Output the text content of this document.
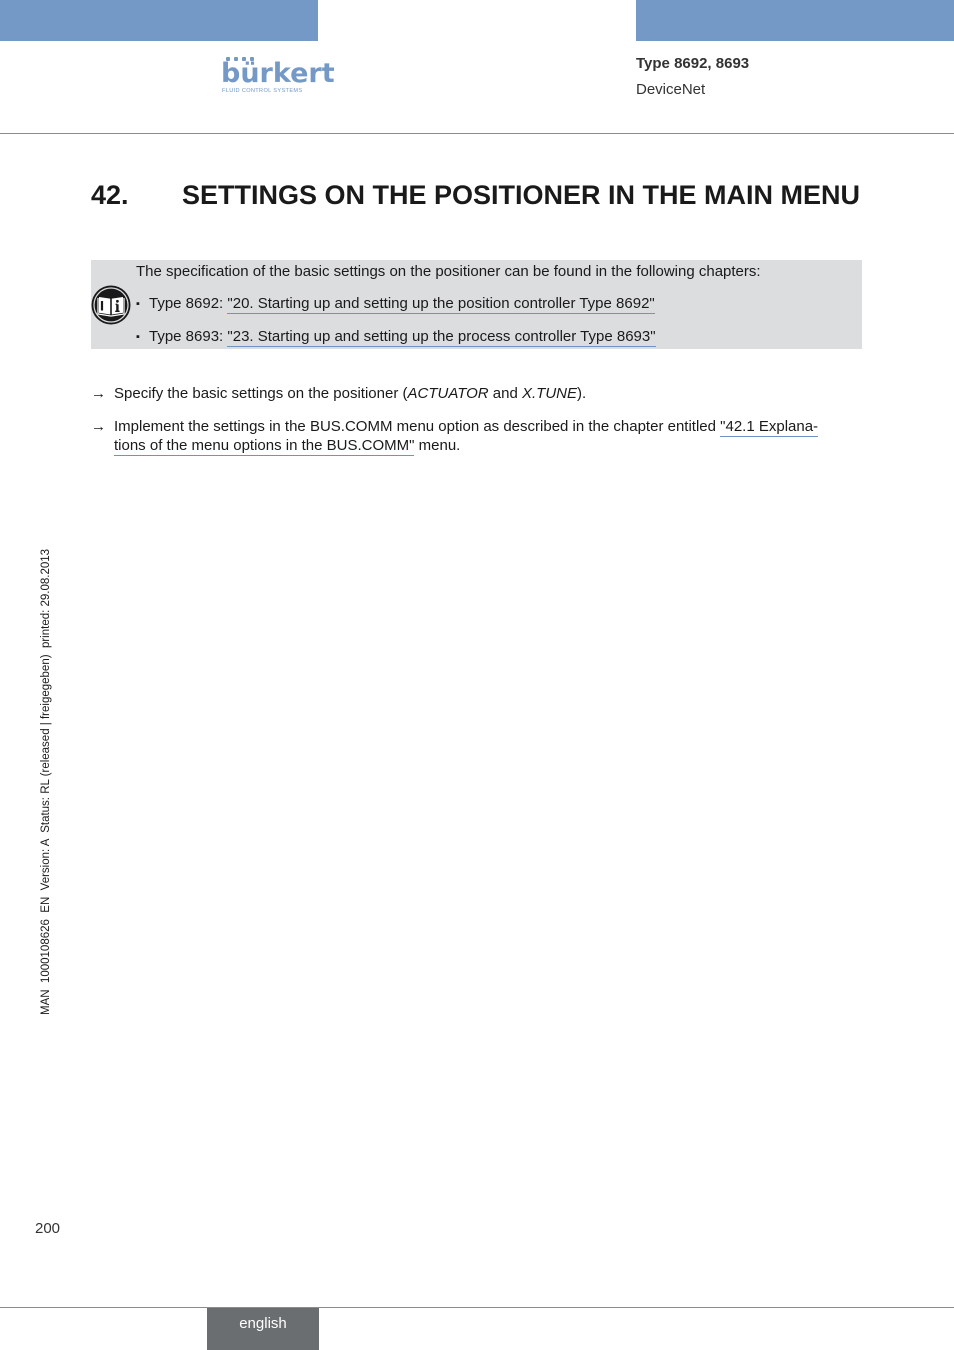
bürkert
FLUID CONTROL SYSTEMS
Type 8692, 8693
DeviceNet
42. SETTINGS ON THE POSITIONER IN THE MAIN MENU
The specification of the basic settings on the positioner can be found in the following chapters:
▪ Type 8692: "20. Starting up and setting up the position controller Type 8692"
▪ Type 8693: "23. Starting up and setting up the process controller Type 8693"
→ Specify the basic settings on the positioner (ACTUATOR and X.TUNE).
→ Implement the settings in the BUS.COMM menu option as described in the chapter entitled "42.1 Explana-
tions of the menu options in the BUS.COMM" menu.
MAN  1000108626  EN  Version: A  Status: RL (released | freigegeben)  printed: 29.08.2013
200
english
